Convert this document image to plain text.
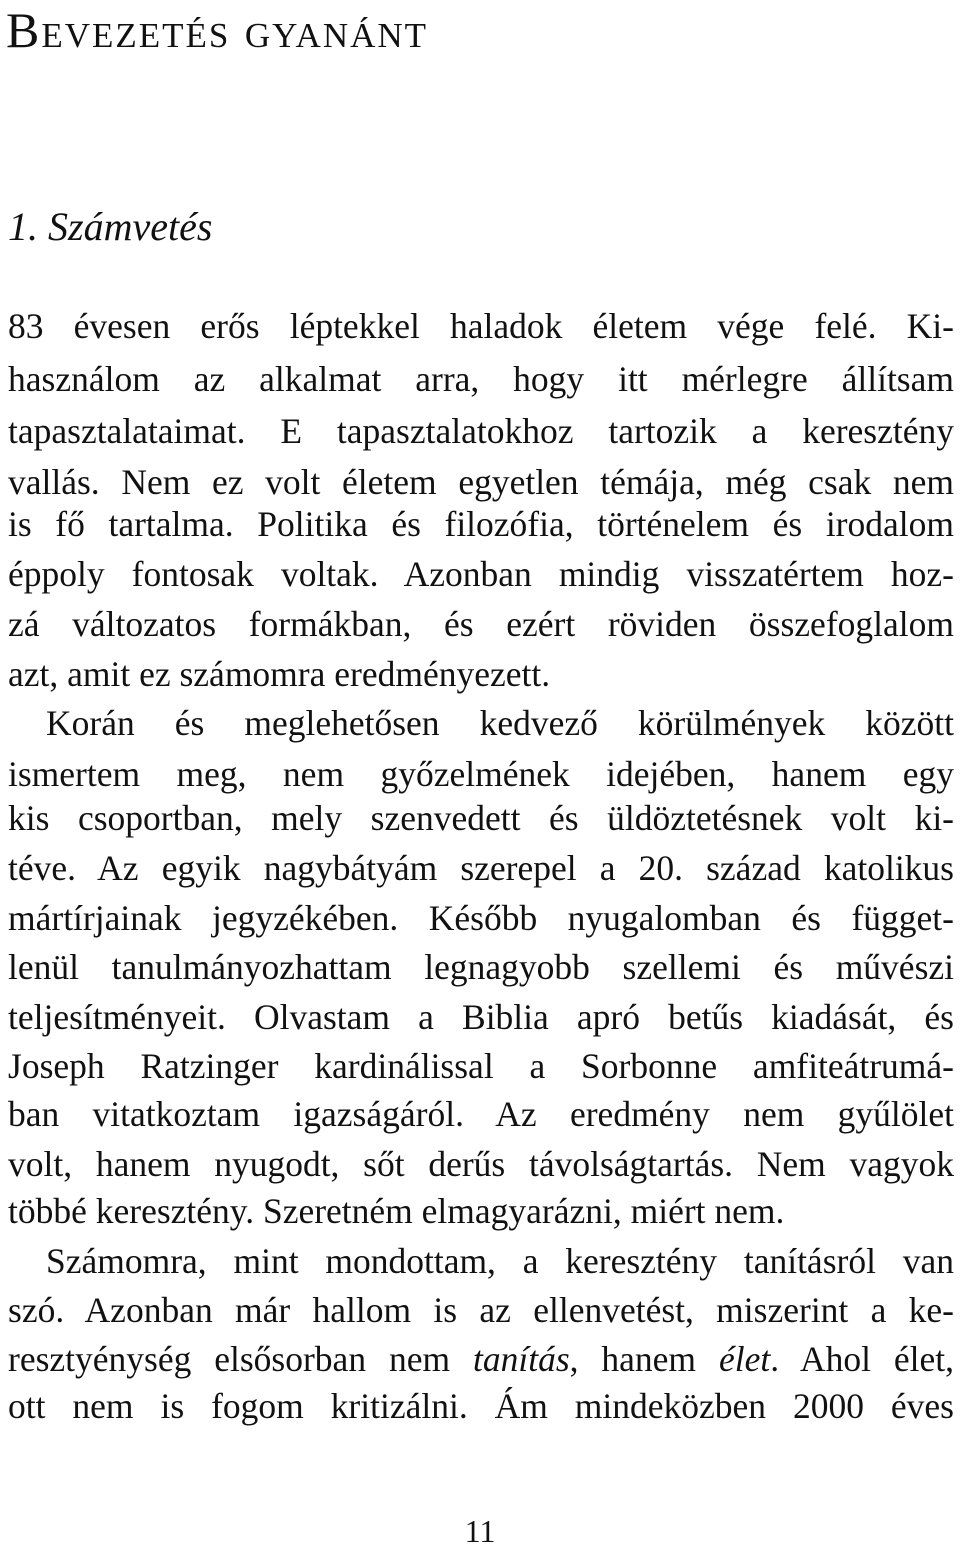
Bevezetés gyanánt
1. Számvetés
83 évesen erős léptekkel haladok életem vége felé. Ki-
használom az alkalmat arra, hogy itt mérlegre állítsam
tapasztalataimat. E tapasztalatokhoz tartozik a keresztény
vallás. Nem ez volt életem egyetlen témája, még csak nem
is fő tartalma. Politika és filozófia, történelem és irodalom
éppoly fontosak voltak. Azonban mindig visszatértem hoz-
zá változatos formákban, és ezért röviden összefoglalom
azt, amit ez számomra eredményezett.
Korán és meglehetősen kedvező körülmények között
ismertem meg, nem győzelmének idejében, hanem egy
kis csoportban, mely szenvedett és üldöztetésnek volt ki-
téve. Az egyik nagybátyám szerepel a 20. század katolikus
mártírjainak jegyzékében. Később nyugalomban és függet-
lenül tanulmányozhattam legnagyobb szellemi és művészi
teljesítményeit. Olvastam a Biblia apró betűs kiadását, és
Joseph Ratzinger kardinálissal a Sorbonne amfiteátrumá-
ban vitatkoztam igazságáról. Az eredmény nem gyűlölet
volt, hanem nyugodt, sőt derűs távolságtartás. Nem vagyok
többé keresztény. Szeretném elmagyarázni, miért nem.
Számomra, mint mondottam, a keresztény tanításról van
szó. Azonban már hallom is az ellenvetést, miszerint a ke-
resztyénység elsősorban nem tanítás, hanem élet. Ahol élet,
ott nem is fogom kritizálni. Ám mindeközben 2000 éves
11
